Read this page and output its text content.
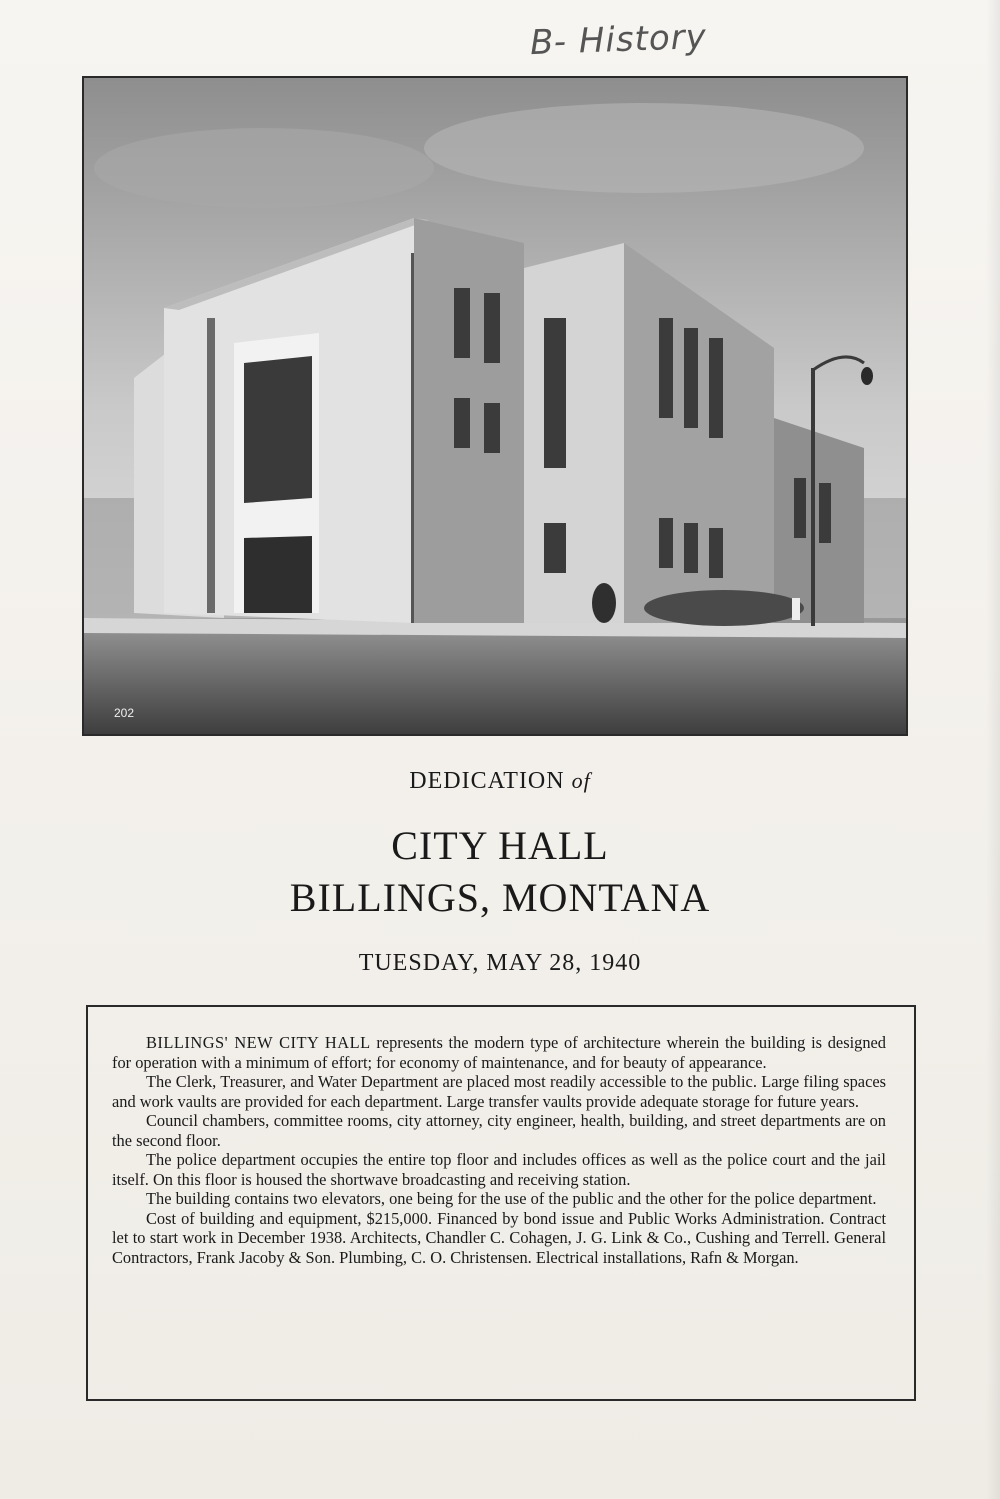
B- History
202
DEDICATION of
CITY HALL
BILLINGS, MONTANA
TUESDAY, MAY 28, 1940

BILLINGS' NEW CITY HALL represents the modern type of architecture wherein the building is designed for operation with a minimum of effort; for economy of maintenance, and for beauty of appearance.

The Clerk, Treasurer, and Water Department are placed most readily accessible to the public. Large filing spaces and work vaults are provided for each department. Large transfer vaults provide adequate storage for future years.

Council chambers, committee rooms, city attorney, city engineer, health, building, and street departments are on the second floor.

The police department occupies the entire top floor and includes offices as well as the police court and the jail itself. On this floor is housed the shortwave broadcasting and receiving station.

The building contains two elevators, one being for the use of the public and the other for the police department.

Cost of building and equipment, $215,000. Financed by bond issue and Public Works Administration. Contract let to start work in December 1938. Architects, Chandler C. Cohagen, J. G. Link & Co., Cushing and Terrell. General Contractors, Frank Jacoby & Son. Plumbing, C. O. Christensen. Electrical installations, Rafn & Morgan.
